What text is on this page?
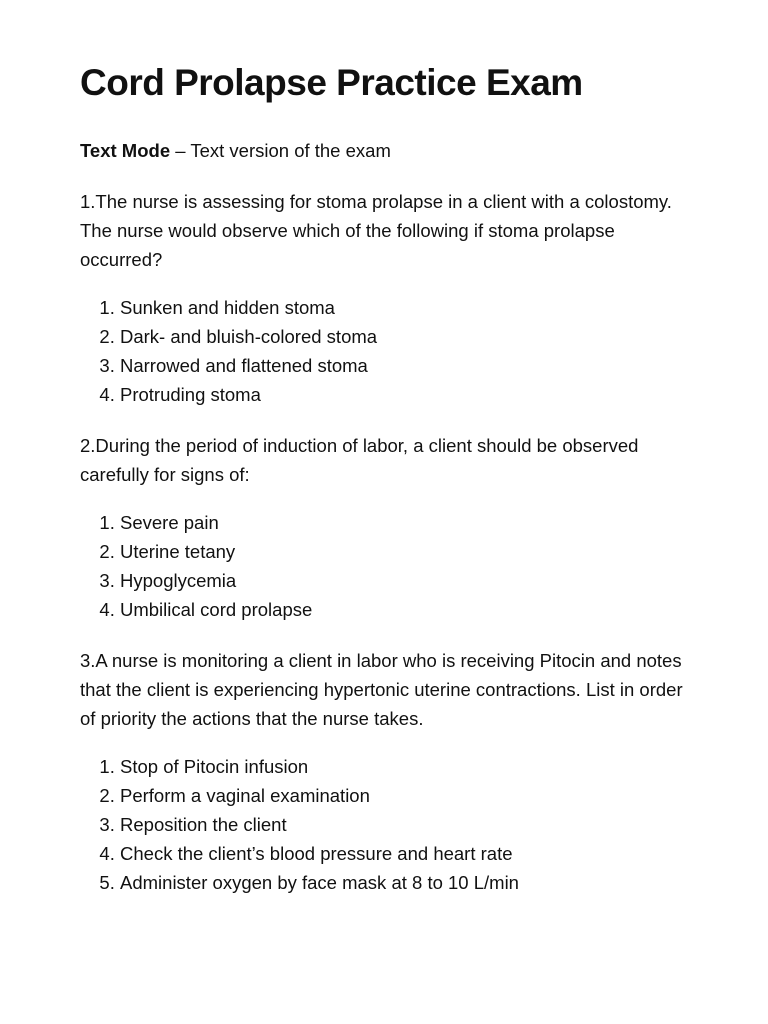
Cord Prolapse Practice Exam

Text Mode – Text version of the exam

1.The nurse is assessing for stoma prolapse in a client with a colostomy. The nurse would observe which of the following if stoma prolapse occurred?

1. Sunken and hidden stoma
2. Dark- and bluish-colored stoma
3. Narrowed and flattened stoma
4. Protruding stoma

2.During the period of induction of labor, a client should be observed carefully for signs of:

1. Severe pain
2. Uterine tetany
3. Hypoglycemia
4. Umbilical cord prolapse

3.A nurse is monitoring a client in labor who is receiving Pitocin and notes that the client is experiencing hypertonic uterine contractions. List in order of priority the actions that the nurse takes.

1. Stop of Pitocin infusion
2. Perform a vaginal examination
3. Reposition the client
4. Check the client’s blood pressure and heart rate
5. Administer oxygen by face mask at 8 to 10 L/min
